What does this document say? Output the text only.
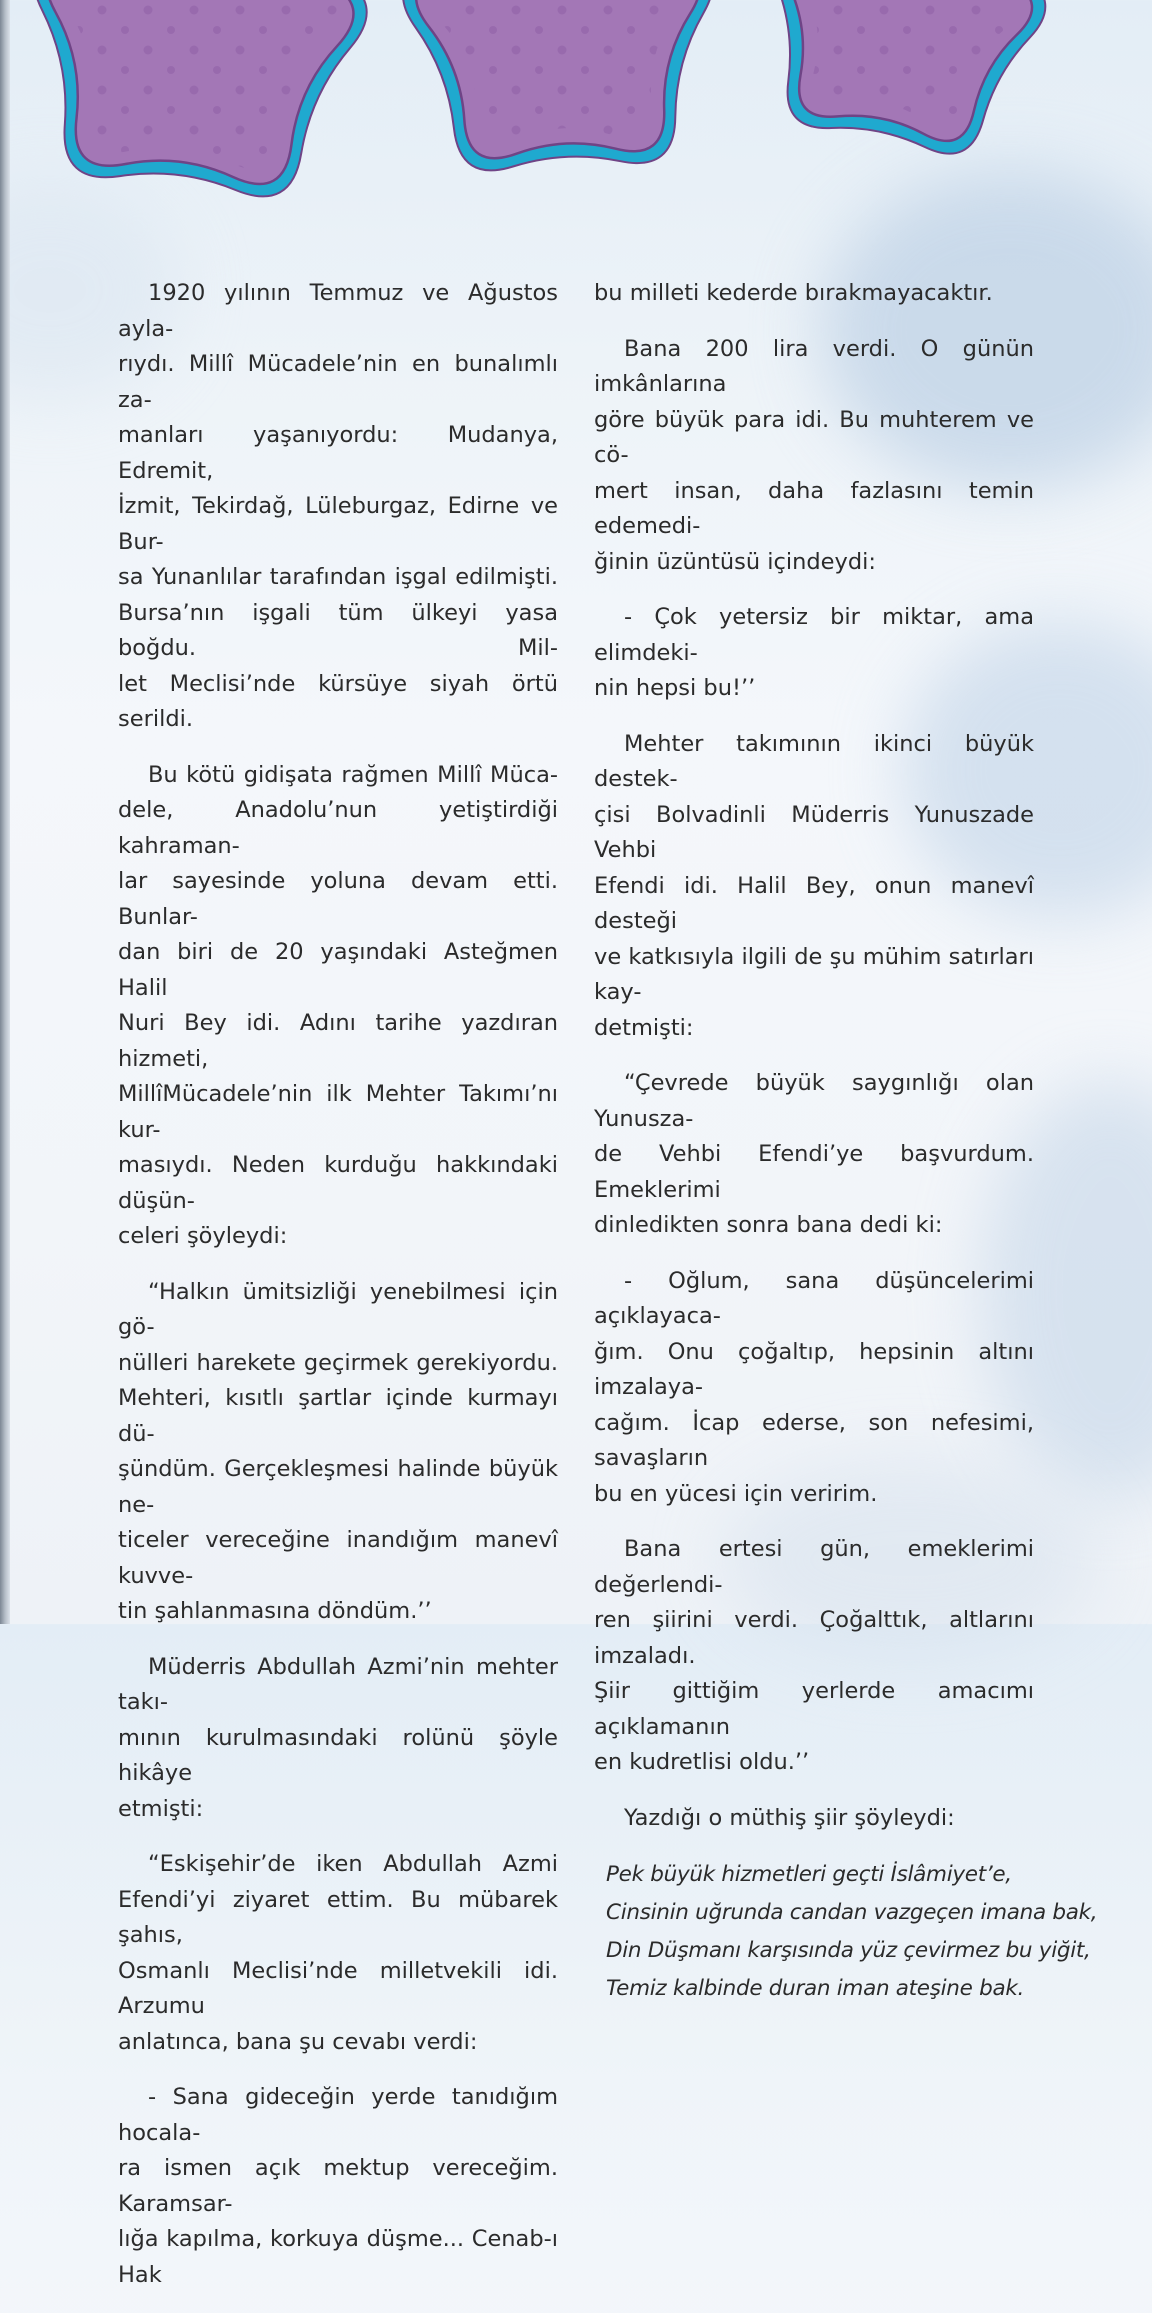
1920 yılının Temmuz ve Ağustos ayla-
rıydı. Millî Mücadele’nin en bunalımlı za-
manları yaşanıyordu: Mudanya, Edremit,
İzmit, Tekirdağ, Lüleburgaz, Edirne ve Bur-
sa Yunanlılar tarafından işgal edilmişti.
Bursa’nın işgali tüm ülkeyi yasa boğdu. Mil-
let Meclisi’nde kürsüye siyah örtü serildi.

Bu kötü gidişata rağmen Millî Müca-
dele, Anadolu’nun yetiştirdiği kahraman-
lar sayesinde yoluna devam etti. Bunlar-
dan biri de 20 yaşındaki Asteğmen Halil
Nuri Bey idi. Adını tarihe yazdıran hizmeti,
MillîMücadele’nin ilk Mehter Takımı’nı kur-
masıydı. Neden kurduğu hakkındaki düşün-
celeri şöyleydi:

“Halkın ümitsizliği yenebilmesi için gö-
nülleri harekete geçirmek gerekiyordu.
Mehteri, kısıtlı şartlar içinde kurmayı dü-
şündüm. Gerçekleşmesi halinde büyük ne-
ticeler vereceğine inandığım manevî kuvve-
tin şahlanmasına döndüm.’’

Müderris Abdullah Azmi’nin mehter takı-
mının kurulmasındaki rolünü şöyle hikâye
etmişti:

“Eskişehir’de iken Abdullah Azmi
Efendi’yi ziyaret ettim. Bu mübarek şahıs,
Osmanlı Meclisi’nde milletvekili idi. Arzumu
anlatınca, bana şu cevabı verdi:

- Sana gideceğin yerde tanıdığım hocala-
ra ismen açık mektup vereceğim. Karamsar-
lığa kapılma, korkuya düşme... Cenab-ı Hak

bu milleti kederde bırakmayacaktır.

Bana 200 lira verdi. O günün imkânlarına
göre büyük para idi. Bu muhterem ve cö-
mert insan, daha fazlasını temin edemedi-
ğinin üzüntüsü içindeydi:

- Çok yetersiz bir miktar, ama elimdeki-
nin hepsi bu!’’

Mehter takımının ikinci büyük destek-
çisi Bolvadinli Müderris Yunuszade Vehbi
Efendi idi. Halil Bey, onun manevî desteği
ve katkısıyla ilgili de şu mühim satırları kay-
detmişti:

“Çevrede büyük saygınlığı olan Yunusza-
de Vehbi Efendi’ye başvurdum. Emeklerimi
dinledikten sonra bana dedi ki:

- Oğlum, sana düşüncelerimi açıklayaca-
ğım. Onu çoğaltıp, hepsinin altını imzalaya-
cağım. İcap ederse, son nefesimi, savaşların
bu en yücesi için veririm.

Bana ertesi gün, emeklerimi değerlendi-
ren şiirini verdi. Çoğalttık, altlarını imzaladı.
Şiir gittiğim yerlerde amacımı açıklamanın
en kudretlisi oldu.’’

Yazdığı o müthiş şiir şöyleydi:

Pek büyük hizmetleri geçti İslâmiyet’e,
Cinsinin uğrunda candan vazgeçen imana bak,
Din Düşmanı karşısında yüz çevirmez bu yiğit,
Temiz kalbinde duran iman ateşine bak.
